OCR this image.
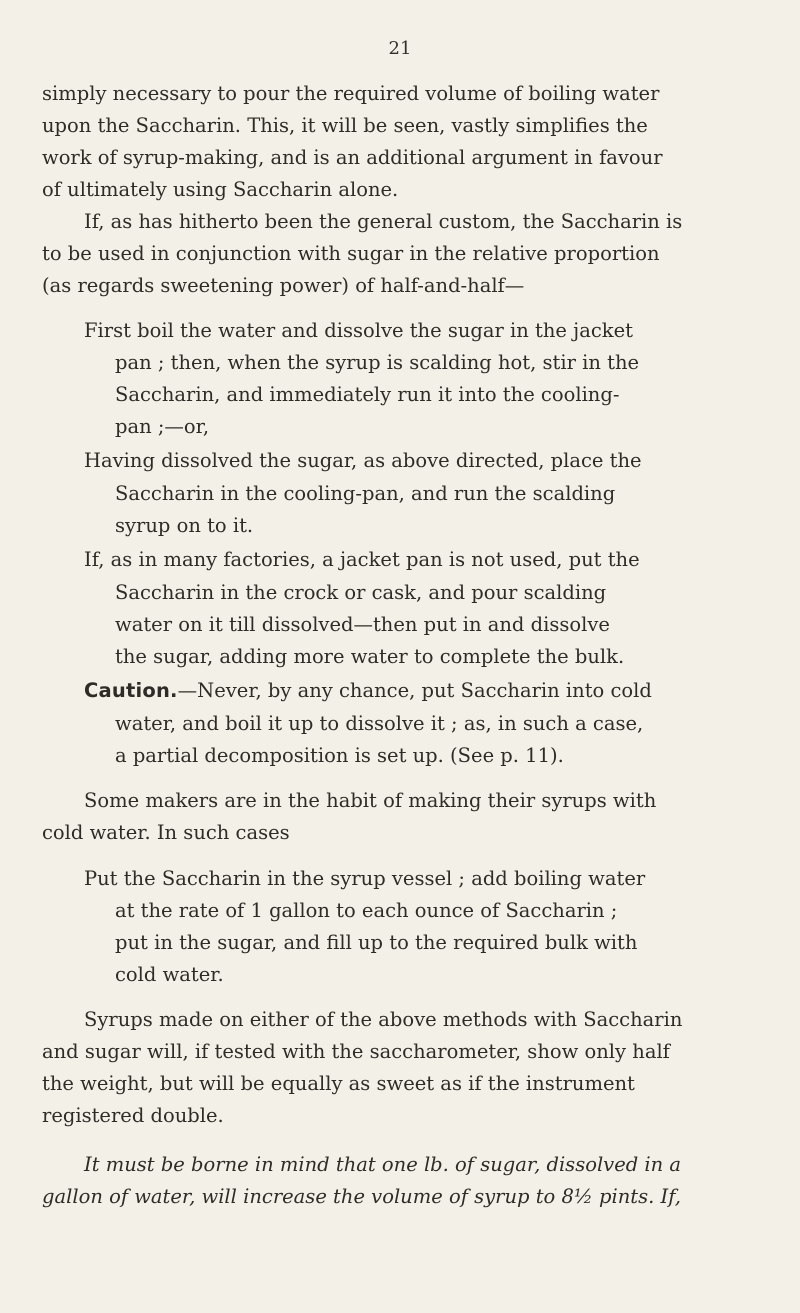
21
simply necessary to pour the required volume of boiling water
upon the Saccharin. This, it will be seen, vastly simplifies the
work of syrup-making, and is an additional argument in favour
of ultimately using Saccharin alone.
If, as has hitherto been the general custom, the Saccharin is
to be used in conjunction with sugar in the relative proportion
(as regards sweetening power) of half-and-half—
First boil the water and dissolve the sugar in the jacket
pan ; then, when the syrup is scalding hot, stir in the
Saccharin, and immediately run it into the cooling-
pan ;—or,
Having dissolved the sugar, as above directed, place the
Saccharin in the cooling-pan, and run the scalding
syrup on to it.
If, as in many factories, a jacket pan is not used, put the
Saccharin in the crock or cask, and pour scalding
water on it till dissolved—then put in and dissolve
the sugar, adding more water to complete the bulk.
Caution.—Never, by any chance, put Saccharin into cold
water, and boil it up to dissolve it ; as, in such a case,
a partial decomposition is set up. (See p. 11).
Some makers are in the habit of making their syrups with
cold water. In such cases
Put the Saccharin in the syrup vessel ; add boiling water
at the rate of 1 gallon to each ounce of Saccharin ;
put in the sugar, and fill up to the required bulk with
cold water.
Syrups made on either of the above methods with Saccharin
and sugar will, if tested with the saccharometer, show only half
the weight, but will be equally as sweet as if the instrument
registered double.
It must be borne in mind that one lb. of sugar, dissolved in a
gallon of water, will increase the volume of syrup to 8½ pints. If,
